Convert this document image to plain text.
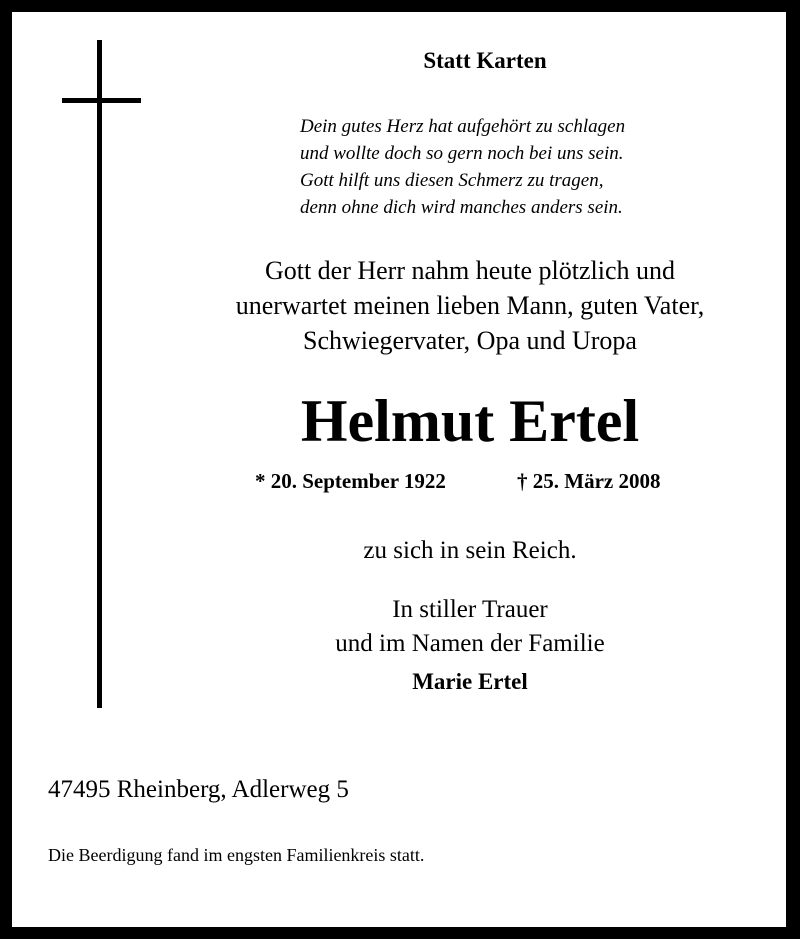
Statt Karten

Dein gutes Herz hat aufgehört zu schlagen
und wollte doch so gern noch bei uns sein.
Gott hilft uns diesen Schmerz zu tragen,
denn ohne dich wird manches anders sein.
Gott der Herr nahm heute plötzlich und
unerwartet meinen lieben Mann, guten Vater,
Schwiegervater, Opa und Uropa

Helmut Ertel

* 20. September 1922	† 25. März 2008

zu sich in sein Reich.

In stiller Trauer
und im Namen der Familie

Marie Ertel

47495 Rheinberg, Adlerweg 5
Die Beerdigung fand im engsten Familienkreis statt.
